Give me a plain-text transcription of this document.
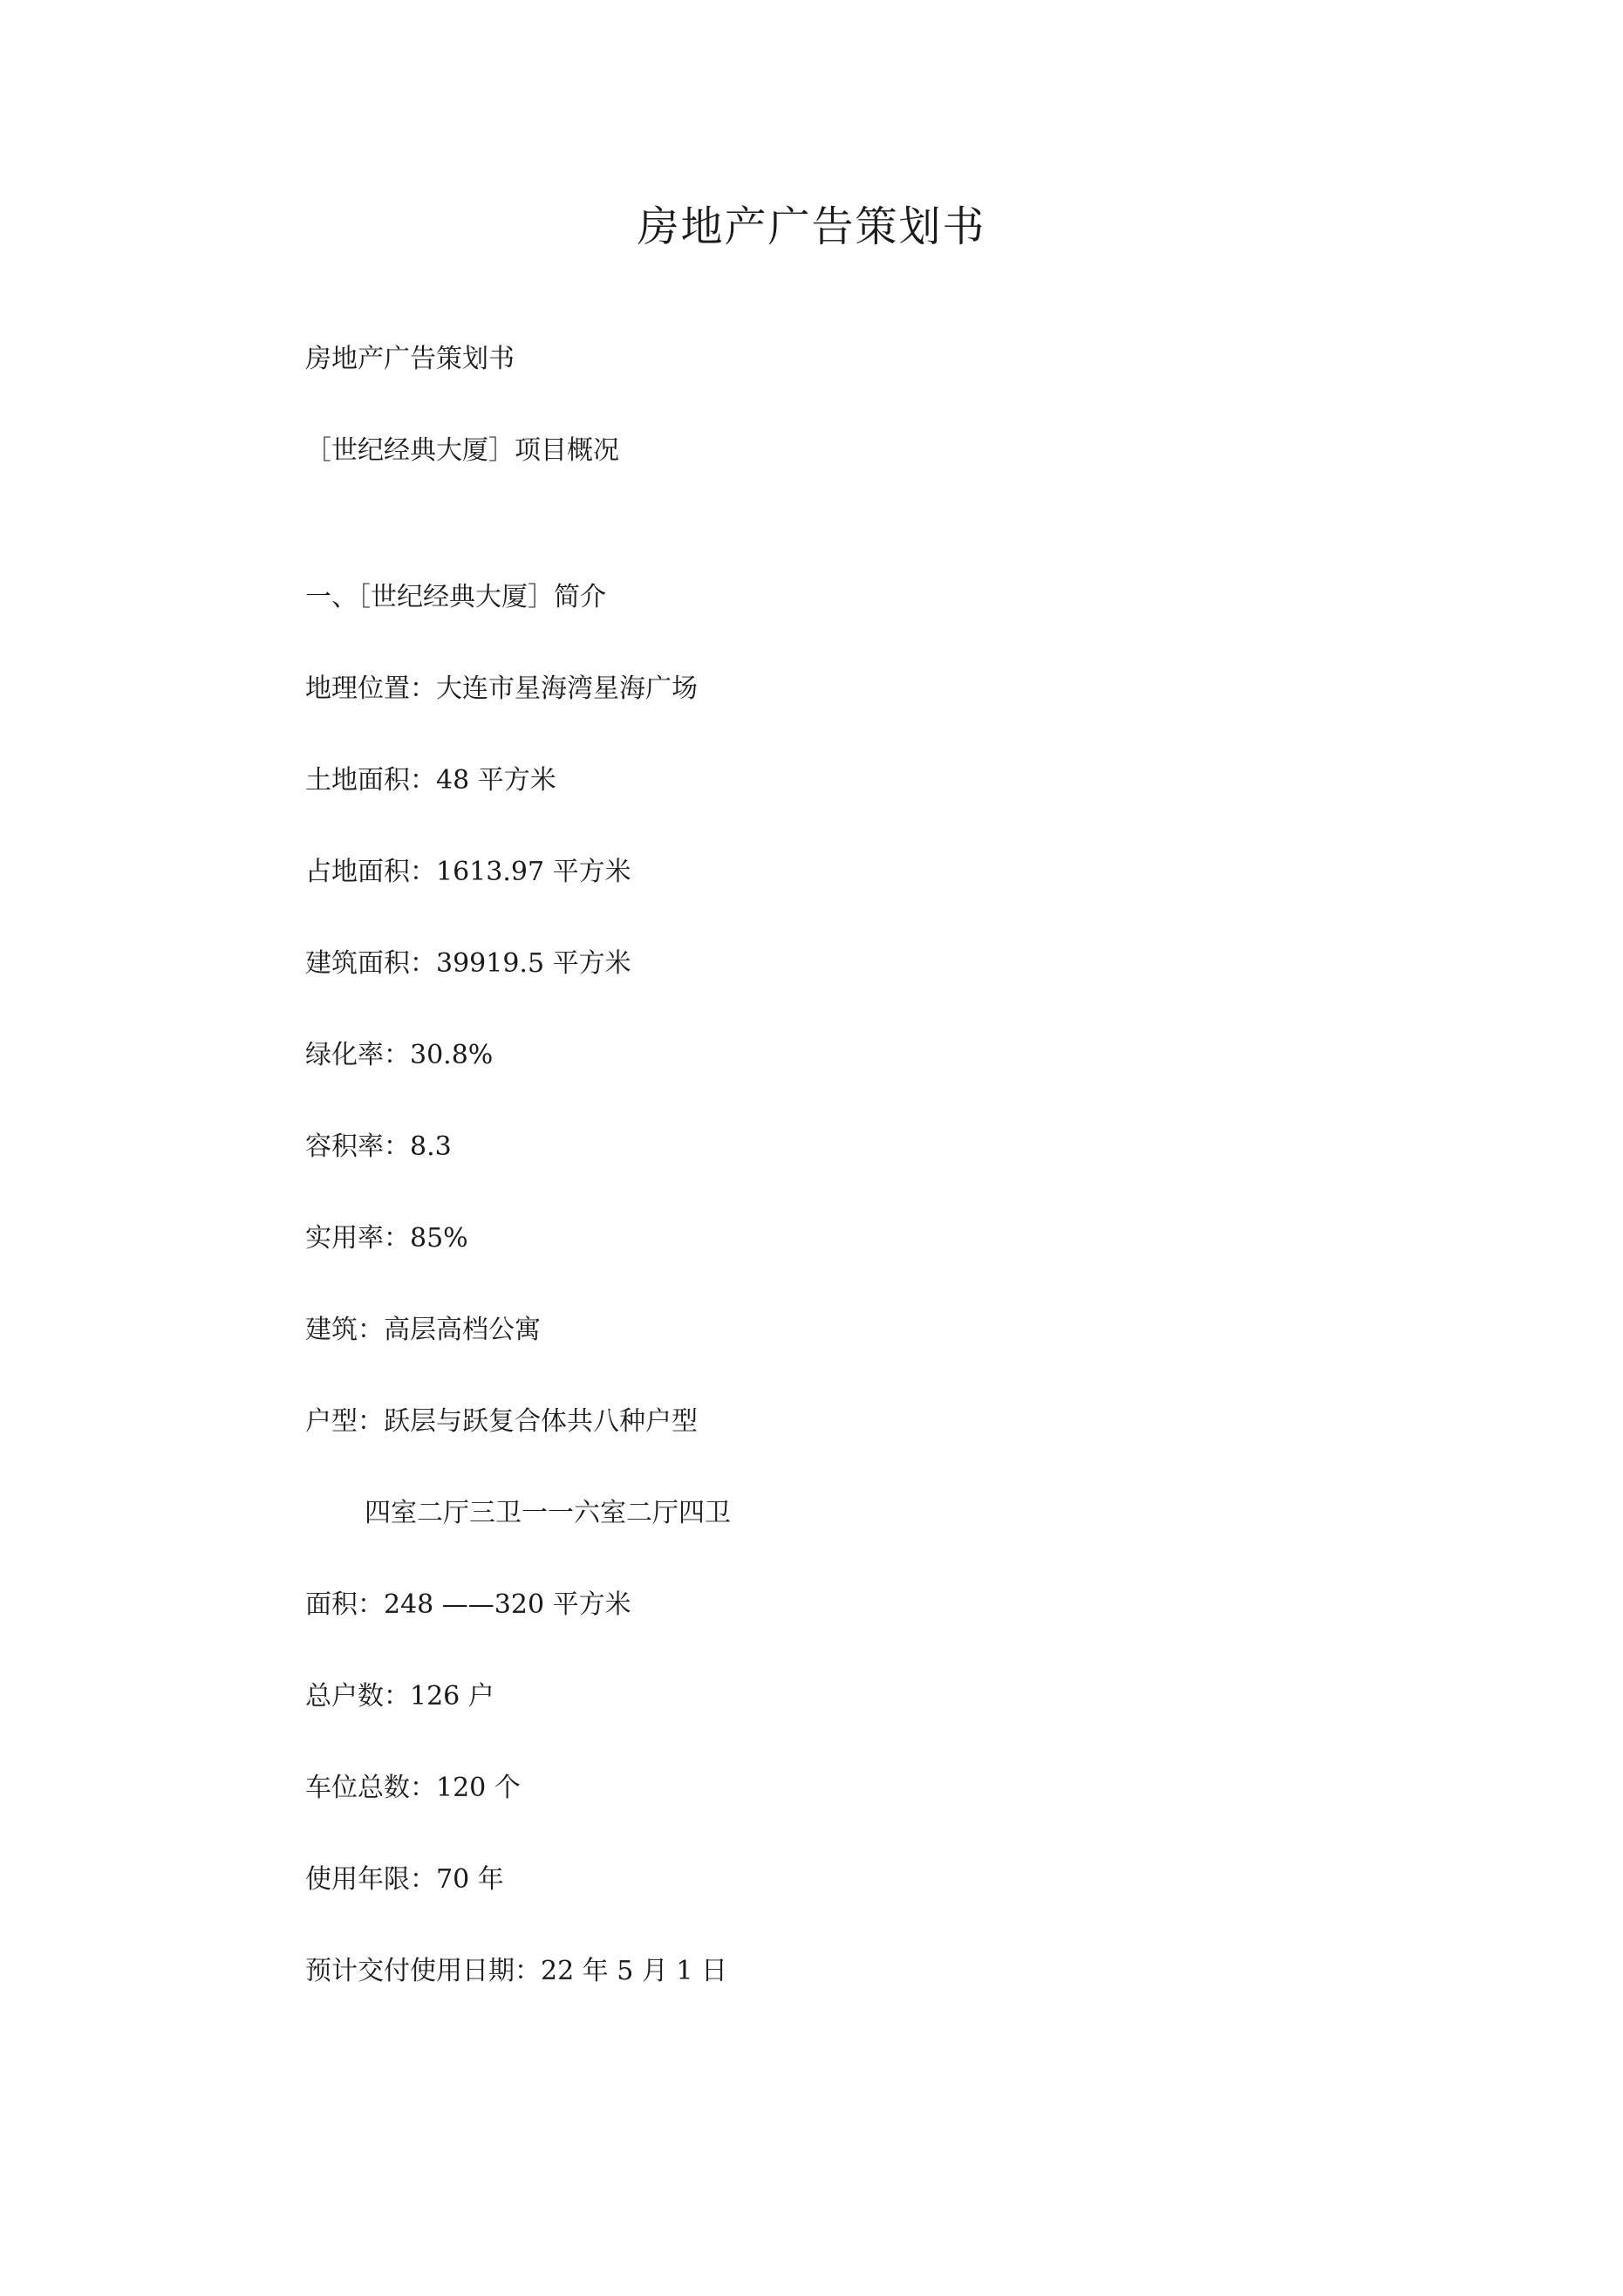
房地产广告策划书

房地产广告策划书

［世纪经典大厦］项目概况

一、［世纪经典大厦］简介

地理位置：大连市星海湾星海广场

土地面积：48 平方米

占地面积：1613.97 平方米

建筑面积：39919.5 平方米

绿化率：30.8%

容积率：8.3

实用率：85%

建筑：高层高档公寓

户型：跃层与跃复合体共八种户型

四室二厅三卫一一六室二厅四卫

面积：248 ——320 平方米

总户数：126 户

车位总数：120 个

使用年限：70 年

预计交付使用日期：22 年 5 月 1 日
